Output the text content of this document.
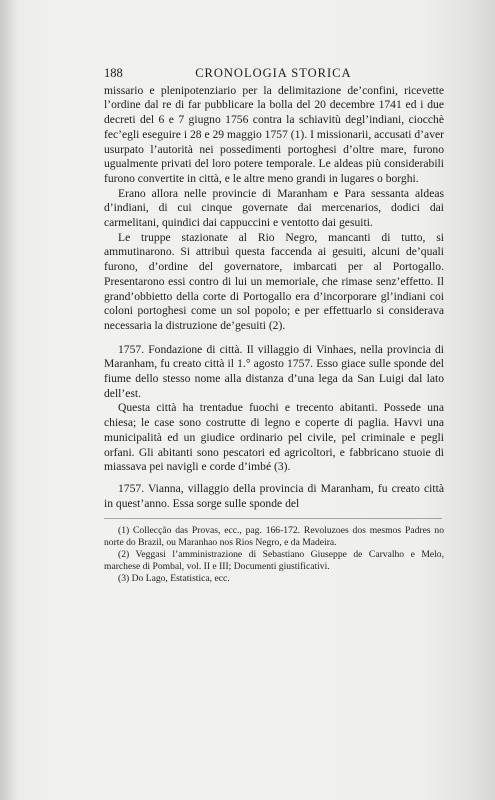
188	CRONOLOGIA STORICA

missario e plenipotenziario per la delimitazione de’confini, ricevette l’ordine dal re di far pubblicare la bolla del 20 decembre 1741 ed i due decreti del 6 e 7 giugno 1756 contra la schiavitù degl’indiani, ciocchè fec’egli eseguire i 28 e 29 maggio 1757 (1). I missionarii, accusati d’aver usurpato l’autorità nei possedimenti portoghesi d’oltre mare, furono ugualmente privati del loro potere temporale. Le aldeas più considerabili furono convertite in città, e le altre meno grandi in lugares o borghi.

Erano allora nelle provincie di Maranham e Para sessanta aldeas d’indiani, di cui cinque governate dai mercenarios, dodici dai carmelitani, quindici dai cappuccini e ventotto dai gesuiti.

Le truppe stazionate al Rio Negro, mancanti di tutto, si ammutinarono. Si attribuì questa faccenda ai gesuiti, alcuni de’quali furono, d’ordine del governatore, imbarcati per al Portogallo. Presentarono essi contro di lui un memoriale, che rimase senz’effetto. Il grand’obbietto della corte di Portogallo era d’incorporare gl’indiani coi coloni portoghesi come un sol popolo; e per effettuarlo si considerava necessaria la distruzione de’gesuiti (2).

1757. Fondazione di città. Il villaggio di Vinhaes, nella provincia di Maranham, fu creato città il 1.° agosto 1757. Esso giace sulle sponde del fiume dello stesso nome alla distanza d’una lega da San Luigi dal lato dell’est.

Questa città ha trentadue fuochi e trecento abitanti. Possede una chiesa; le case sono costrutte di legno e coperte di paglia. Havvi una municipalità ed un giudice ordinario pel civile, pel criminale e pegli orfani. Gli abitanti sono pescatori ed agricoltori, e fabbricano stuoie di miassava pei navigli e corde d’imbé (3).

1757. Vianna, villaggio della provincia di Maranham, fu creato città in quest’anno. Essa sorge sulle sponde del

(1) Collecção das Provas, ecc., pag. 166-172. Revoluzoes dos mesmos Padres no norte do Brazil, ou Maranhao nos Rios Negro, e da Madeira.

(2) Veggasi l’amministrazione di Sebastiano Giuseppe de Carvalho e Melo, marchese di Pombal, vol. II e III; Documenti giustificativi.

(3) Do Lago, Estatistica, ecc.
